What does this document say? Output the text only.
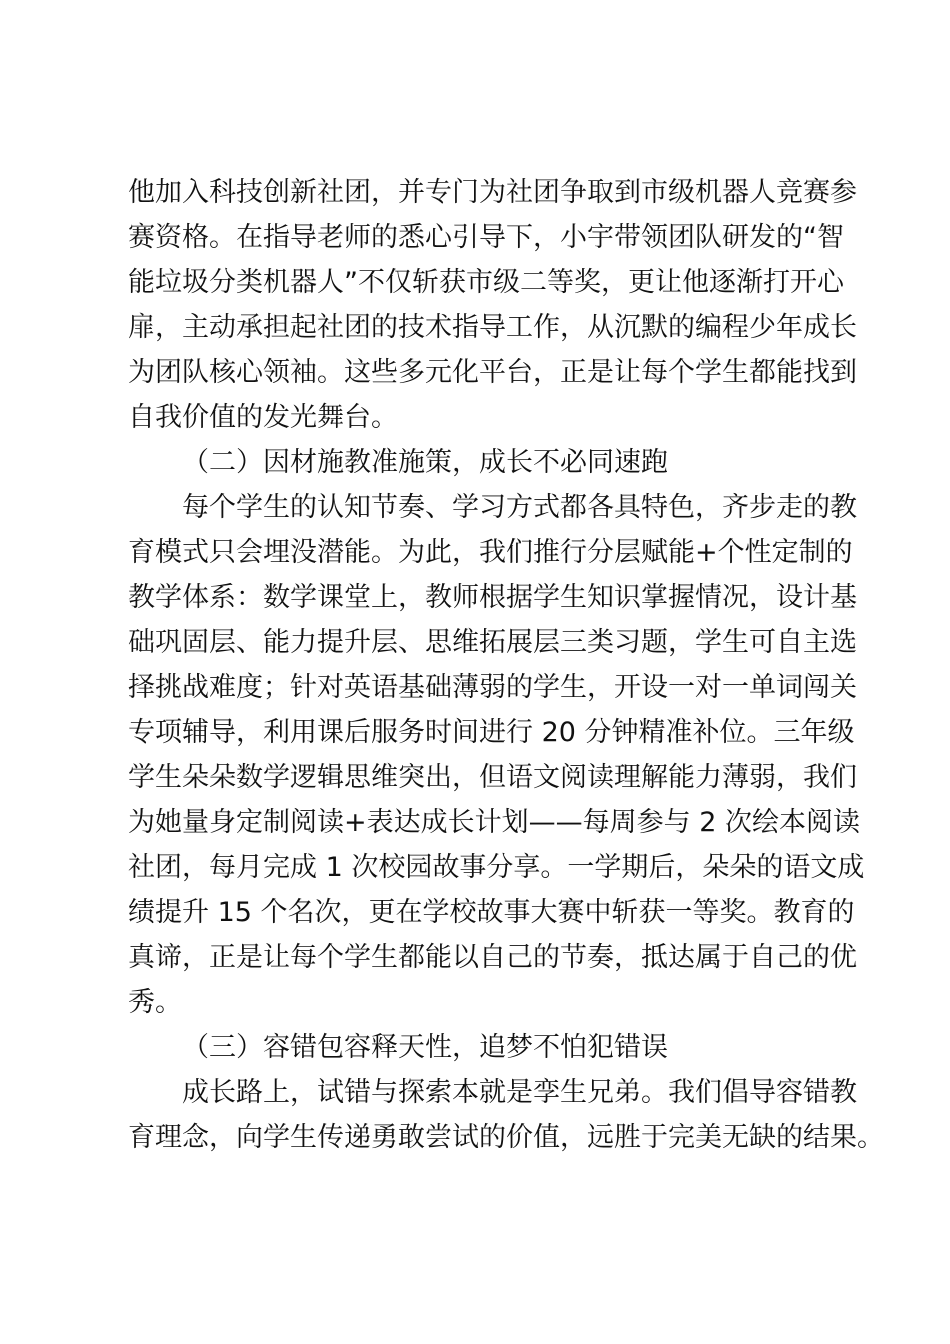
他加入科技创新社团，并专门为社团争取到市级机器人竞赛参
赛资格。在指导老师的悉心引导下，小宇带领团队研发的“智
能垃圾分类机器人”不仅斩获市级二等奖，更让他逐渐打开心
扉，主动承担起社团的技术指导工作，从沉默的编程少年成长
为团队核心领袖。这些多元化平台，正是让每个学生都能找到
自我价值的发光舞台。
（二）因材施教准施策，成长不必同速跑
每个学生的认知节奏、学习方式都各具特色，齐步走的教
育模式只会埋没潜能。为此，我们推行分层赋能+个性定制的
教学体系：数学课堂上，教师根据学生知识掌握情况，设计基
础巩固层、能力提升层、思维拓展层三类习题，学生可自主选
择挑战难度；针对英语基础薄弱的学生，开设一对一单词闯关
专项辅导，利用课后服务时间进行 20 分钟精准补位。三年级
学生朵朵数学逻辑思维突出，但语文阅读理解能力薄弱，我们
为她量身定制阅读+表达成长计划——每周参与 2 次绘本阅读
社团，每月完成 1 次校园故事分享。一学期后，朵朵的语文成
绩提升 15 个名次，更在学校故事大赛中斩获一等奖。教育的
真谛，正是让每个学生都能以自己的节奏，抵达属于自己的优
秀。
（三）容错包容释天性，追梦不怕犯错误
成长路上，试错与探索本就是孪生兄弟。我们倡导容错教
育理念，向学生传递勇敢尝试的价值，远胜于完美无缺的结果。
